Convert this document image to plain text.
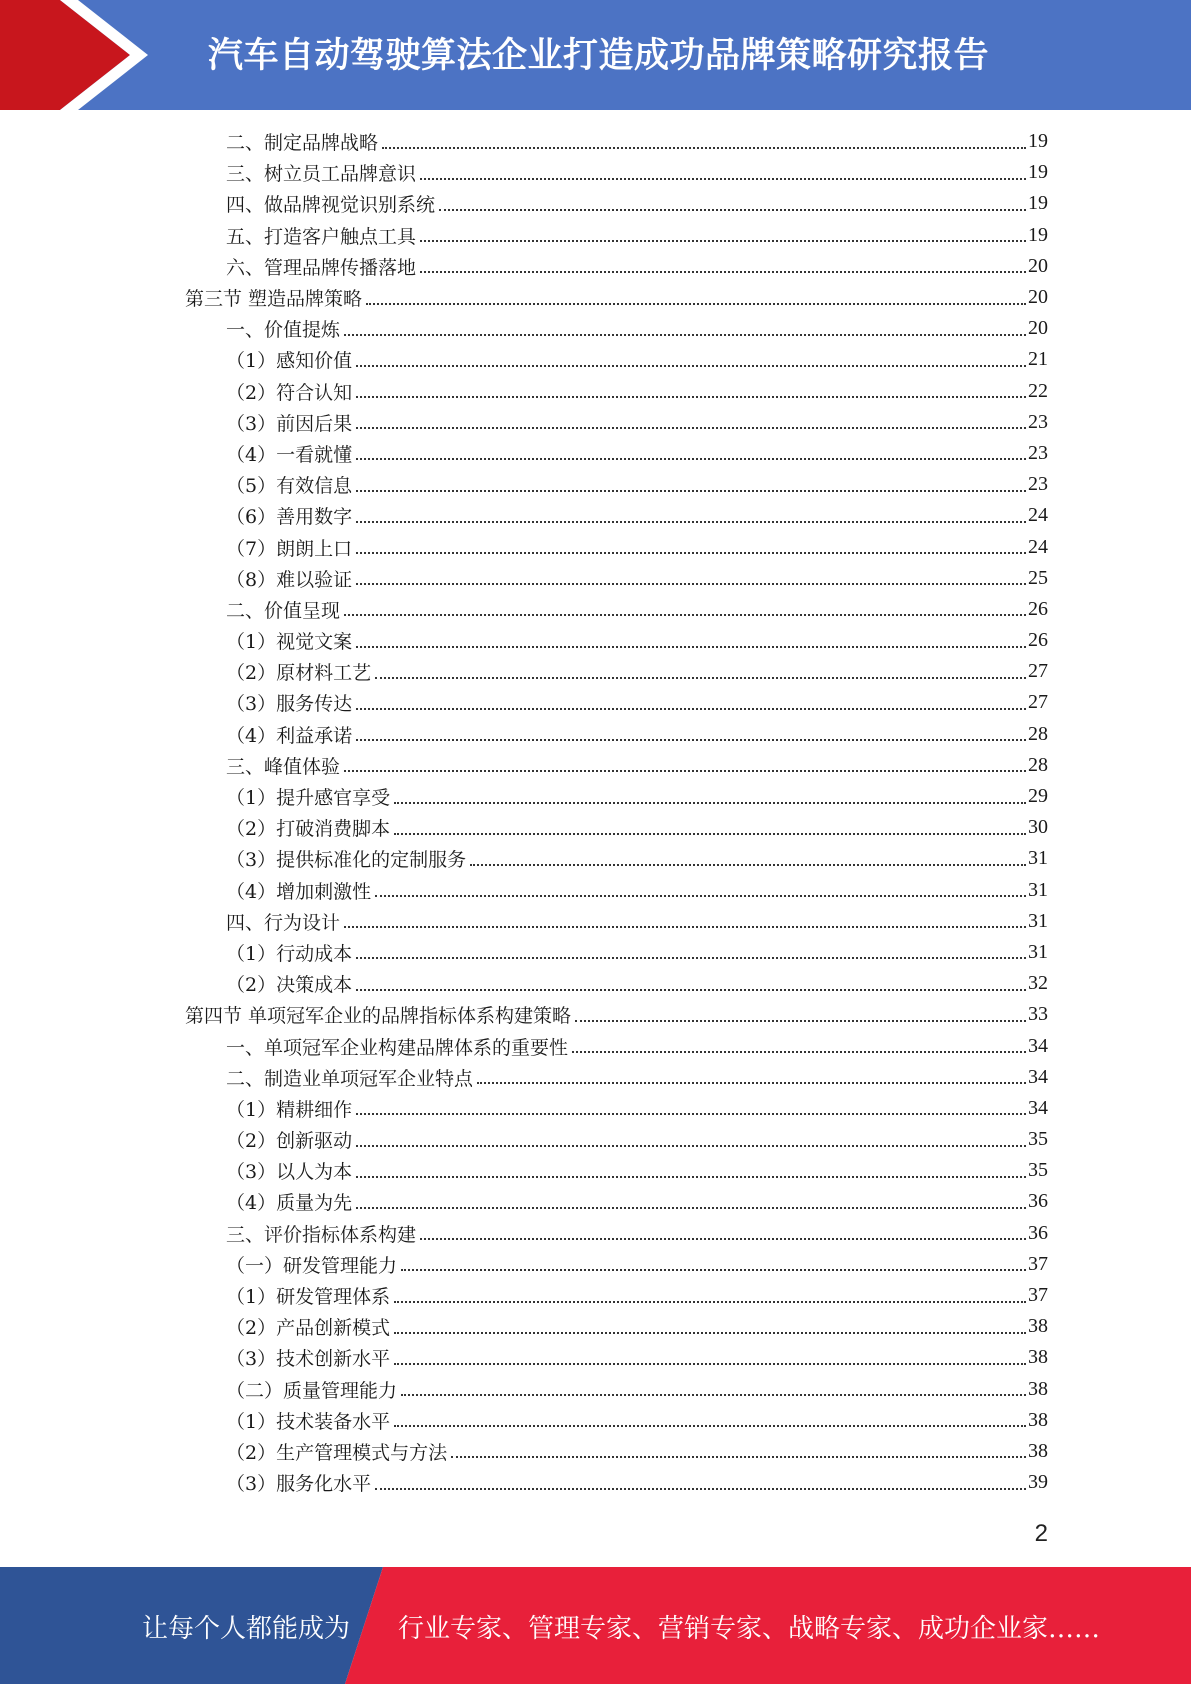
汽车自动驾驶算法企业打造成功品牌策略研究报告
二、制定品牌战略	19
三、树立员工品牌意识	19
四、做品牌视觉识别系统	19
五、打造客户触点工具	19
六、管理品牌传播落地	20
第三节 塑造品牌策略	20
一、价值提炼	20
（1）感知价值	21
（2）符合认知	22
（3）前因后果	23
（4）一看就懂	23
（5）有效信息	23
（6）善用数字	24
（7）朗朗上口	24
（8）难以验证	25
二、价值呈现	26
（1）视觉文案	26
（2）原材料工艺	27
（3）服务传达	27
（4）利益承诺	28
三、峰值体验	28
（1）提升感官享受	29
（2）打破消费脚本	30
（3）提供标准化的定制服务	31
（4）增加刺激性	31
四、行为设计	31
（1）行动成本	31
（2）决策成本	32
第四节 单项冠军企业的品牌指标体系构建策略	33
一、单项冠军企业构建品牌体系的重要性	34
二、制造业单项冠军企业特点	34
（1）精耕细作	34
（2）创新驱动	35
（3）以人为本	35
（4）质量为先	36
三、评价指标体系构建	36
（一）研发管理能力	37
（1）研发管理体系	37
（2）产品创新模式	38
（3）技术创新水平	38
（二）质量管理能力	38
（1）技术装备水平	38
（2）生产管理模式与方法	38
（3）服务化水平	39
2
让每个人都能成为 行业专家、管理专家、营销专家、战略专家、成功企业家……
